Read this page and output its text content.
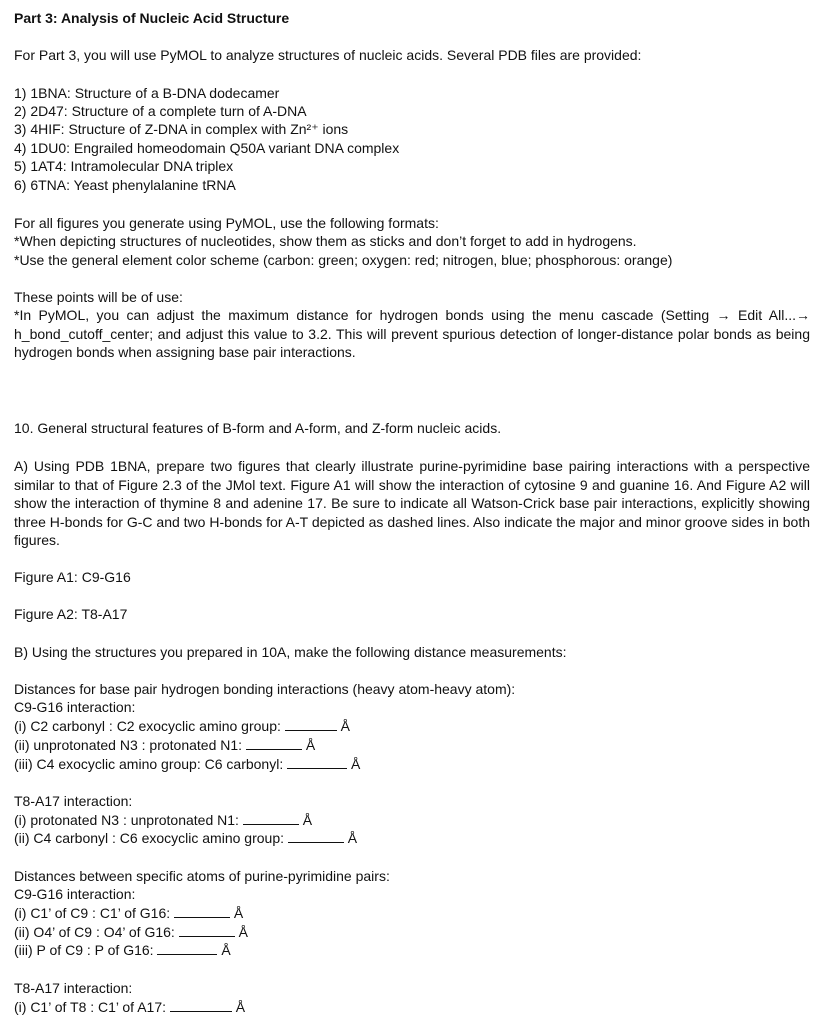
Part 3: Analysis of Nucleic Acid Structure
For Part 3, you will use PyMOL to analyze structures of nucleic acids. Several PDB files are provided:
1) 1BNA: Structure of a B-DNA dodecamer
2) 2D47: Structure of a complete turn of A-DNA
3) 4HIF: Structure of Z-DNA in complex with Zn²⁺ ions
4) 1DU0: Engrailed homeodomain Q50A variant DNA complex
5) 1AT4: Intramolecular DNA triplex
6) 6TNA: Yeast phenylalanine tRNA
For all figures you generate using PyMOL, use the following formats:
*When depicting structures of nucleotides, show them as sticks and don’t forget to add in hydrogens.
*Use the general element color scheme (carbon: green; oxygen: red; nitrogen, blue; phosphorous: orange)
These points will be of use:
*In PyMOL, you can adjust the maximum distance for hydrogen bonds using the menu cascade (Setting → Edit All...→ h_bond_cutoff_center; and adjust this value to 3.2. This will prevent spurious detection of longer-distance polar bonds as being hydrogen bonds when assigning base pair interactions.
10. General structural features of B-form and A-form, and Z-form nucleic acids.
A) Using PDB 1BNA, prepare two figures that clearly illustrate purine-pyrimidine base pairing interactions with a perspective similar to that of Figure 2.3 of the JMol text. Figure A1 will show the interaction of cytosine 9 and guanine 16. And Figure A2 will show the interaction of thymine 8 and adenine 17. Be sure to indicate all Watson-Crick base pair interactions, explicitly showing three H-bonds for G-C and two H-bonds for A-T depicted as dashed lines. Also indicate the major and minor groove sides in both figures.
Figure A1: C9-G16
Figure A2: T8-A17
B) Using the structures you prepared in 10A, make the following distance measurements:
Distances for base pair hydrogen bonding interactions (heavy atom-heavy atom):
C9-G16 interaction:
(i) C2 carbonyl : C2 exocyclic amino group:	Å
(ii) unprotonated N3 : protonated N1:	Å
(iii) C4 exocyclic amino group: C6 carbonyl:	Å
T8-A17 interaction:
(i) protonated N3 : unprotonated N1:	Å
(ii) C4 carbonyl : C6 exocyclic amino group:	Å
Distances between specific atoms of purine-pyrimidine pairs:
C9-G16 interaction:
(i) C1’ of C9 : C1’ of G16:	Å
(ii) O4’ of C9 : O4’ of G16:	Å
(iii) P of C9 : P of G16:	Å
T8-A17 interaction:
(i) C1’ of T8 : C1’ of A17:	Å
